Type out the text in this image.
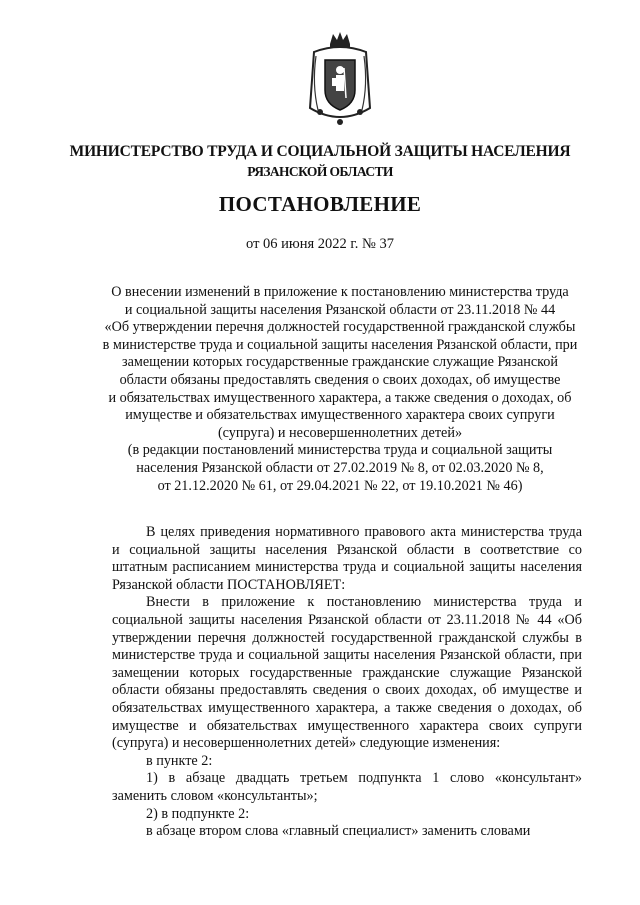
МИНИСТЕРСТВО ТРУДА И СОЦИАЛЬНОЙ ЗАЩИТЫ НАСЕЛЕНИЯ
РЯЗАНСКОЙ ОБЛАСТИ
ПОСТАНОВЛЕНИЕ
от 06 июня 2022 г. № 37
О внесении изменений в приложение к постановлению министерства труда
и социальной защиты населения Рязанской области от 23.11.2018 № 44
«Об утверждении перечня должностей государственной гражданской службы
в министерстве труда и социальной защиты населения Рязанской области, при
замещении которых государственные гражданские служащие Рязанской
области обязаны предоставлять сведения о своих доходах, об имуществе
и обязательствах имущественного характера, а также сведения о доходах, об
имуществе и обязательствах имущественного характера своих супруги
(супруга) и несовершеннолетних детей»
(в редакции постановлений министерства труда и социальной защиты
населения Рязанской области от 27.02.2019 № 8, от 02.03.2020 № 8,
от 21.12.2020 № 61, от 29.04.2021 № 22, от 19.10.2021 № 46)

В целях приведения нормативного правового акта министерства труда и социальной защиты населения Рязанской области в соответствие со штатным расписанием министерства труда и социальной защиты населения Рязанской области ПОСТАНОВЛЯЕТ:

Внести в приложение к постановлению министерства труда и социальной защиты населения Рязанской области от 23.11.2018 № 44 «Об утверждении перечня должностей государственной гражданской службы в министерстве труда и социальной защиты населения Рязанской области, при замещении которых государственные гражданские служащие Рязанской области обязаны предоставлять сведения о своих доходах, об имуществе и обязательствах имущественного характера, а также сведения о доходах, об имуществе и обязательствах имущественного характера своих супруги (супруга) и несовершеннолетних детей» следующие изменения:

в пункте 2:

1) в абзаце двадцать третьем подпункта 1 слово «консультант» заменить словом «консультанты»;

2) в подпункте 2:

в абзаце втором слова «главный специалист» заменить словами
